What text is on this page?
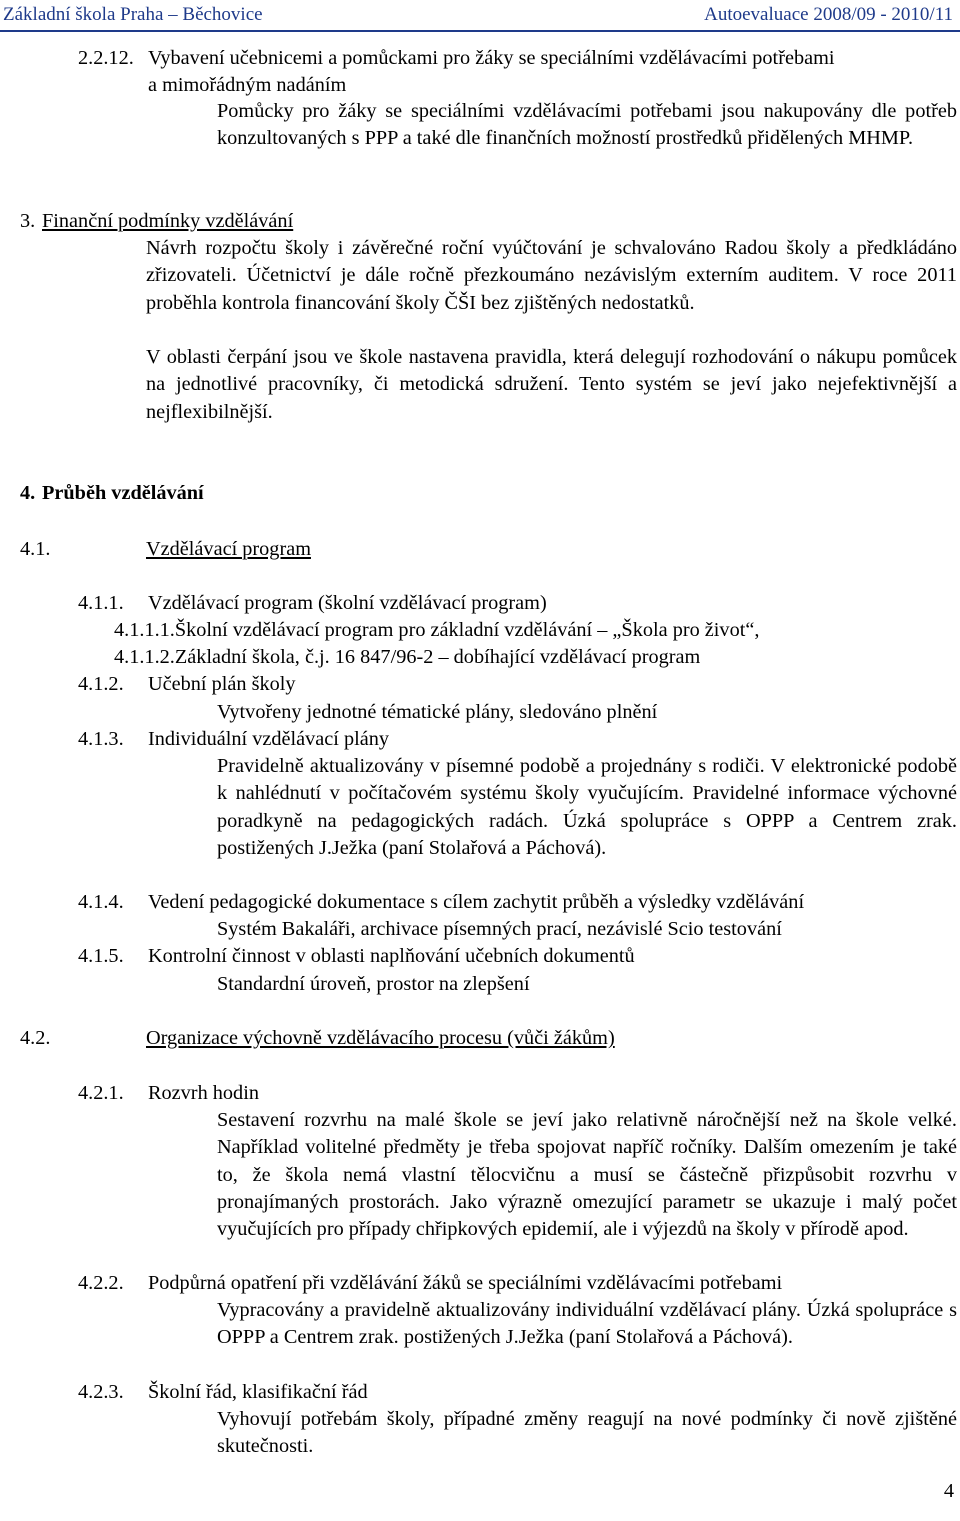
Základní škola Praha – Běchovice	Autoevaluace 2008/09 - 2010/11
2.2.12. Vybavení učebnicemi a pomůckami pro žáky se speciálními vzdělávacími potřebami
a mimořádným nadáním
Pomůcky pro žáky se speciálními vzdělávacími potřebami jsou nakupovány dle potřeb konzultovaných s PPP a také dle finančních možností prostředků přidělených MHMP.
3. Finanční podmínky vzdělávání
Návrh rozpočtu školy i závěrečné roční vyúčtování je schvalováno Radou školy a předkládáno zřizovateli. Účetnictví je dále ročně přezkoumáno nezávislým externím auditem. V roce 2011 proběhla kontrola financování školy ČŠI bez zjištěných nedostatků.
V oblasti čerpání jsou ve škole nastavena pravidla, která delegují rozhodování o nákupu pomůcek na jednotlivé pracovníky, či metodická sdružení. Tento systém se jeví jako nejefektivnější a nejflexibilnější.
4. Průběh vzdělávání
4.1.	Vzdělávací program
4.1.1. Vzdělávací program (školní vzdělávací program)
4.1.1.1.Školní vzdělávací program pro základní vzdělávání – „Škola pro život“,
4.1.1.2.Základní škola, č.j. 16 847/96-2 – dobíhající vzdělávací program
4.1.2. Učební plán školy
Vytvořeny jednotné tématické plány, sledováno plnění
4.1.3. Individuální vzdělávací plány
Pravidelně aktualizovány v písemné podobě a projednány s rodiči. V elektronické podobě k nahlédnutí v počítačovém systému školy vyučujícím. Pravidelné informace výchovné poradkyně na pedagogických radách. Úzká spolupráce s OPPP a Centrem zrak. postižených J.Ježka (paní Stolařová a Páchová).
4.1.4. Vedení pedagogické dokumentace s cílem zachytit průběh a výsledky vzdělávání
Systém Bakaláři, archivace písemných prací, nezávislé Scio testování
4.1.5. Kontrolní činnost v oblasti naplňování učebních dokumentů
Standardní úroveň, prostor na zlepšení
4.2.	Organizace výchovně vzdělávacího procesu (vůči žákům)
4.2.1. Rozvrh hodin
Sestavení rozvrhu na malé škole se jeví jako relativně náročnější než na škole velké. Například volitelné předměty je třeba spojovat napříč ročníky. Dalším omezením je také to, že škola nemá vlastní tělocvičnu a musí se částečně přizpůsobit rozvrhu v pronajímaných prostorách. Jako výrazně omezující parametr se ukazuje i malý počet vyučujících pro případy chřipkových epidemií, ale i výjezdů na školy v přírodě apod.
4.2.2. Podpůrná opatření při vzdělávání žáků se speciálními vzdělávacími potřebami
Vypracovány a pravidelně aktualizovány individuální vzdělávací plány. Úzká spolupráce s OPPP a Centrem zrak. postižených J.Ježka (paní Stolařová a Páchová).
4.2.3. Školní řád, klasifikační řád
Vyhovují potřebám školy, případné změny reagují na nové podmínky či nově zjištěné skutečnosti.
4
